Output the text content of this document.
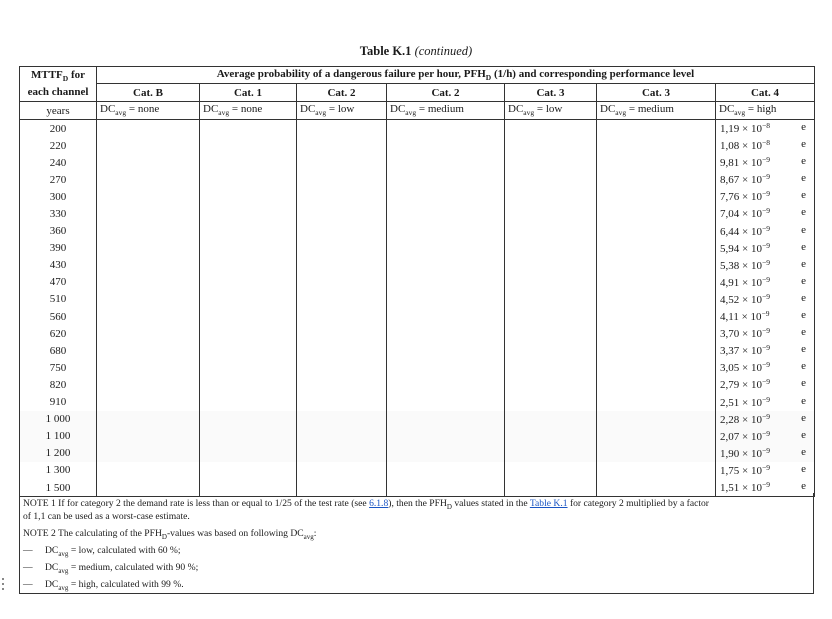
Table K.1 (continued)
$MTTF_D$ for
each channel	Average probability of a dangerous failure per hour, $PFH_D$ (1/h) and corresponding performance level						
	Cat. B	Cat. 1	Cat. 2	Cat. 2	Cat. 3	Cat. 3	Cat. 4
years	$DC_{avg}$ = none	$DC_{avg}$ = none	$DC_{avg}$ = low	$DC_{avg}$ = medium	$DC_{avg}$ = low	$DC_{avg}$ = medium	$DC_{avg}$ = high
200							$1,19 \times 10^{-8}$ e

220							$1,08 \times 10^{-8}$ e

240							$9,81 \times 10^{-9}$ e

270							$8,67 \times 10^{-9}$ e

300							$7,76 \times 10^{-9}$ e

330							$7,04 \times 10^{-9}$ e

360							$6,44 \times 10^{-9}$ e

390							$5,94 \times 10^{-9}$ e

430							$5,38 \times 10^{-9}$ e

470							$4,91 \times 10^{-9}$ e

510							$4,52 \times 10^{-9}$ e

560							$4,11 \times 10^{-9}$ e

620							$3,70 \times 10^{-9}$ e

680							$3,37 \times 10^{-9}$ e

750							$3,05 \times 10^{-9}$ e

820							$2,79 \times 10^{-9}$ e

910							$2,51 \times 10^{-9}$ e

1 000							$2,28 \times 10^{-9}$ e

1 100							$2,07 \times 10^{-9}$ e

1 200							$1,90 \times 10^{-9}$ e

1 300							$1,75 \times 10^{-9}$ e

1 500							$1,51 \times 10^{-9}$ e
NOTE 1 If for category 2 the demand rate is less than or equal to 1/25 of the test rate (see 6.1.8), then the $PFH_D$ values stated in the Table K.1 for category 2 multiplied by a factor
of 1,1 can be used as a worst-case estimate.
NOTE 2 The calculating of the $PFH_D$-values was based on following $DC_{avg}$:
— $DC_{avg}$ = low, calculated with 60 %;
— $DC_{avg}$ = medium, calculated with 90 %;
— $DC_{avg}$ = high, calculated with 99 %.
